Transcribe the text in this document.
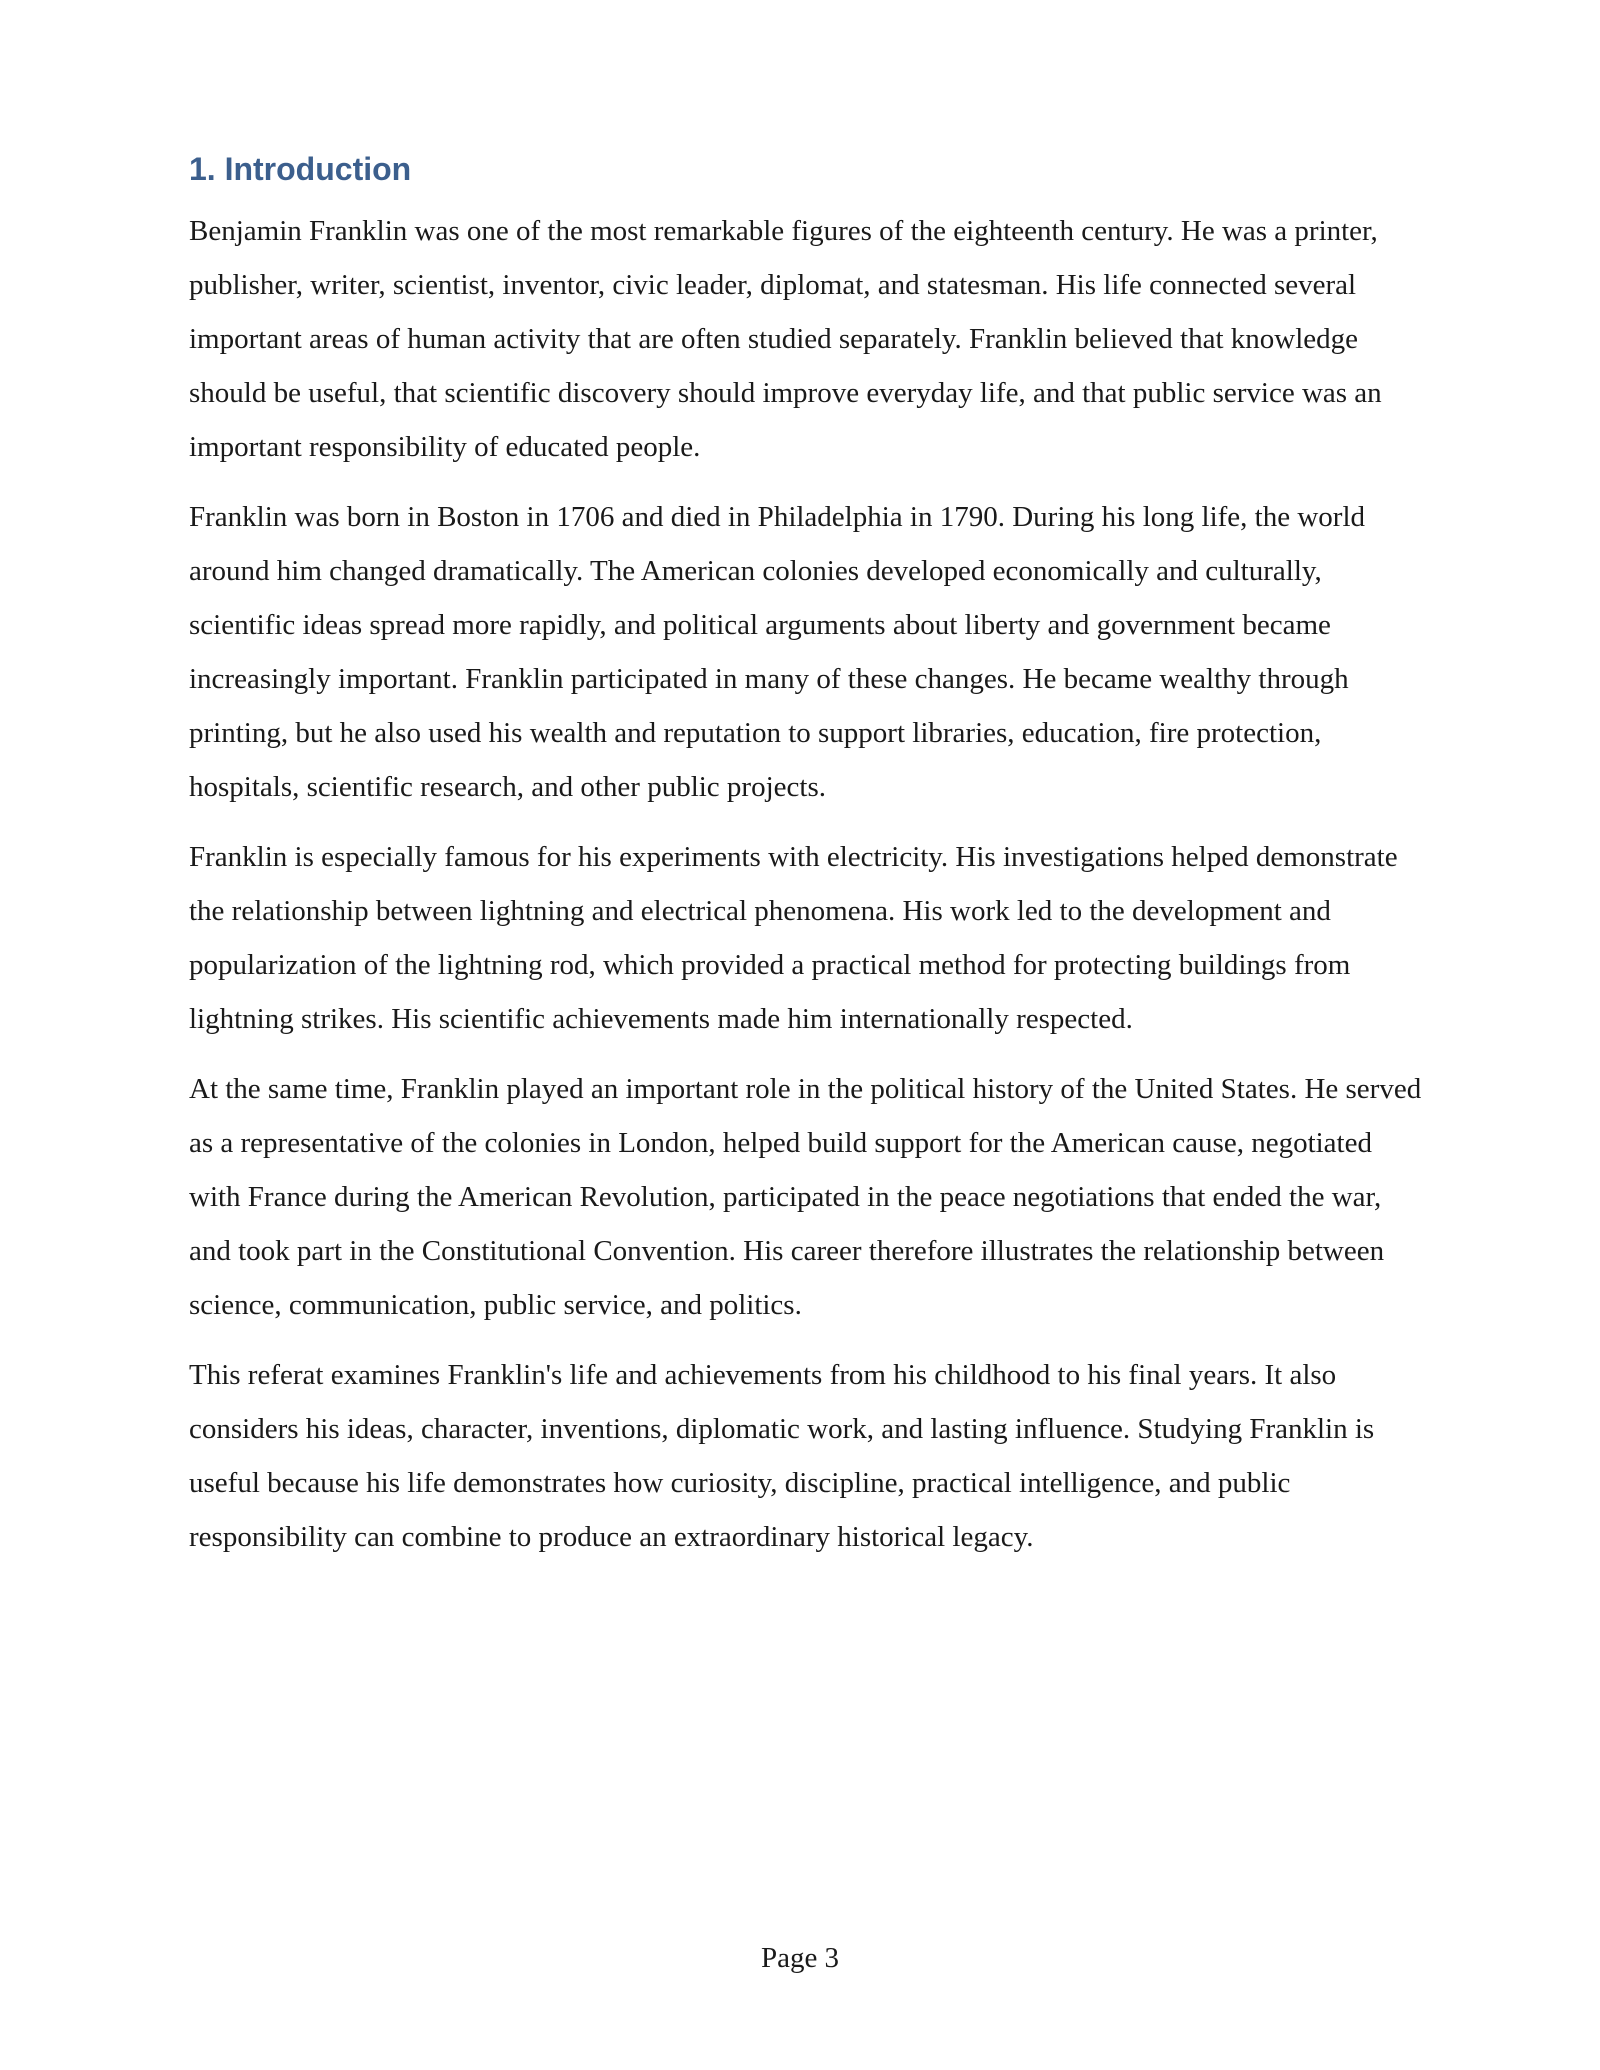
1. Introduction

Benjamin Franklin was one of the most remarkable figures of the eighteenth century. He was a printer, publisher, writer, scientist, inventor, civic leader, diplomat, and statesman. His life connected several important areas of human activity that are often studied separately. Franklin believed that knowledge should be useful, that scientific discovery should improve everyday life, and that public service was an important responsibility of educated people.

Franklin was born in Boston in 1706 and died in Philadelphia in 1790. During his long life, the world around him changed dramatically. The American colonies developed economically and culturally, scientific ideas spread more rapidly, and political arguments about liberty and government became increasingly important. Franklin participated in many of these changes. He became wealthy through printing, but he also used his wealth and reputation to support libraries, education, fire protection, hospitals, scientific research, and other public projects.

Franklin is especially famous for his experiments with electricity. His investigations helped demonstrate the relationship between lightning and electrical phenomena. His work led to the development and popularization of the lightning rod, which provided a practical method for protecting buildings from lightning strikes. His scientific achievements made him internationally respected.

At the same time, Franklin played an important role in the political history of the United States. He served as a representative of the colonies in London, helped build support for the American cause, negotiated with France during the American Revolution, participated in the peace negotiations that ended the war, and took part in the Constitutional Convention. His career therefore illustrates the relationship between science, communication, public service, and politics.

This referat examines Franklin's life and achievements from his childhood to his final years. It also considers his ideas, character, inventions, diplomatic work, and lasting influence. Studying Franklin is useful because his life demonstrates how curiosity, discipline, practical intelligence, and public responsibility can combine to produce an extraordinary historical legacy.

Page 3
